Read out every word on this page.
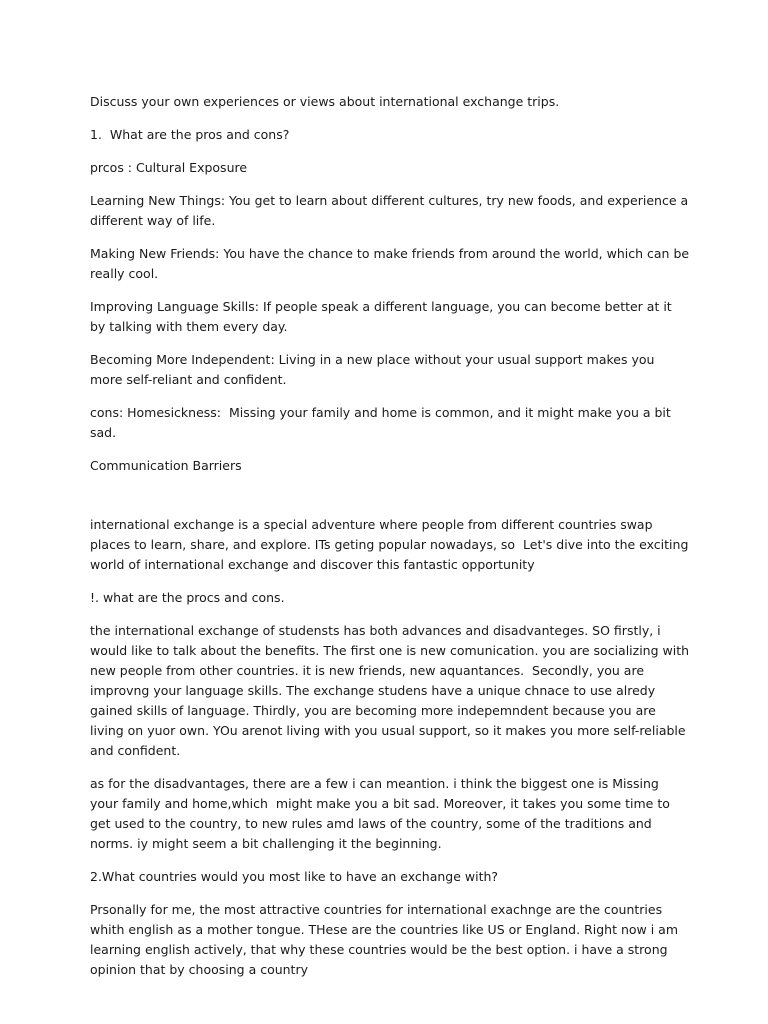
Discuss your own experiences or views about international exchange trips.

1.  What are the pros and cons?

prcos : Cultural Exposure

Learning New Things: You get to learn about different cultures, try new foods, and experience a different way of life.

Making New Friends: You have the chance to make friends from around the world, which can be really cool.

Improving Language Skills: If people speak a different language, you can become better at it by talking with them every day.

Becoming More Independent: Living in a new place without your usual support makes you more self-reliant and confident.

cons: Homesickness:  Missing your family and home is common, and it might make you a bit sad.

Communication Barriers

international exchange is a special adventure where people from different countries swap places to learn, share, and explore. ITs geting popular nowadays, so  Let's dive into the exciting world of international exchange and discover this fantastic opportunity

!. what are the procs and cons.

the international exchange of studensts has both advances and disadvanteges. SO firstly, i would like to talk about the benefits. The first one is new comunication. you are socializing with new people from other countries. it is new friends, new aquantances.  Secondly, you are improvng your language skills. The exchange studens have a unique chnace to use alredy gained skills of language. Thirdly, you are becoming more indepemndent because you are living on yuor own. YOu arenot living with you usual support, so it makes you more self-reliable and confident.

as for the disadvantages, there are a few i can meantion. i think the biggest one is Missing your family and home,which  might make you a bit sad. Moreover, it takes you some time to get used to the country, to new rules amd laws of the country, some of the traditions and norms. iy might seem a bit challenging it the beginning.

2.What countries would you most like to have an exchange with?

Prsonally for me, the most attractive countries for international exachnge are the countries whith english as a mother tongue. THese are the countries like US or England. Right now i am learning english actively, that why these countries would be the best option. i have a strong opinion that by choosing a country
